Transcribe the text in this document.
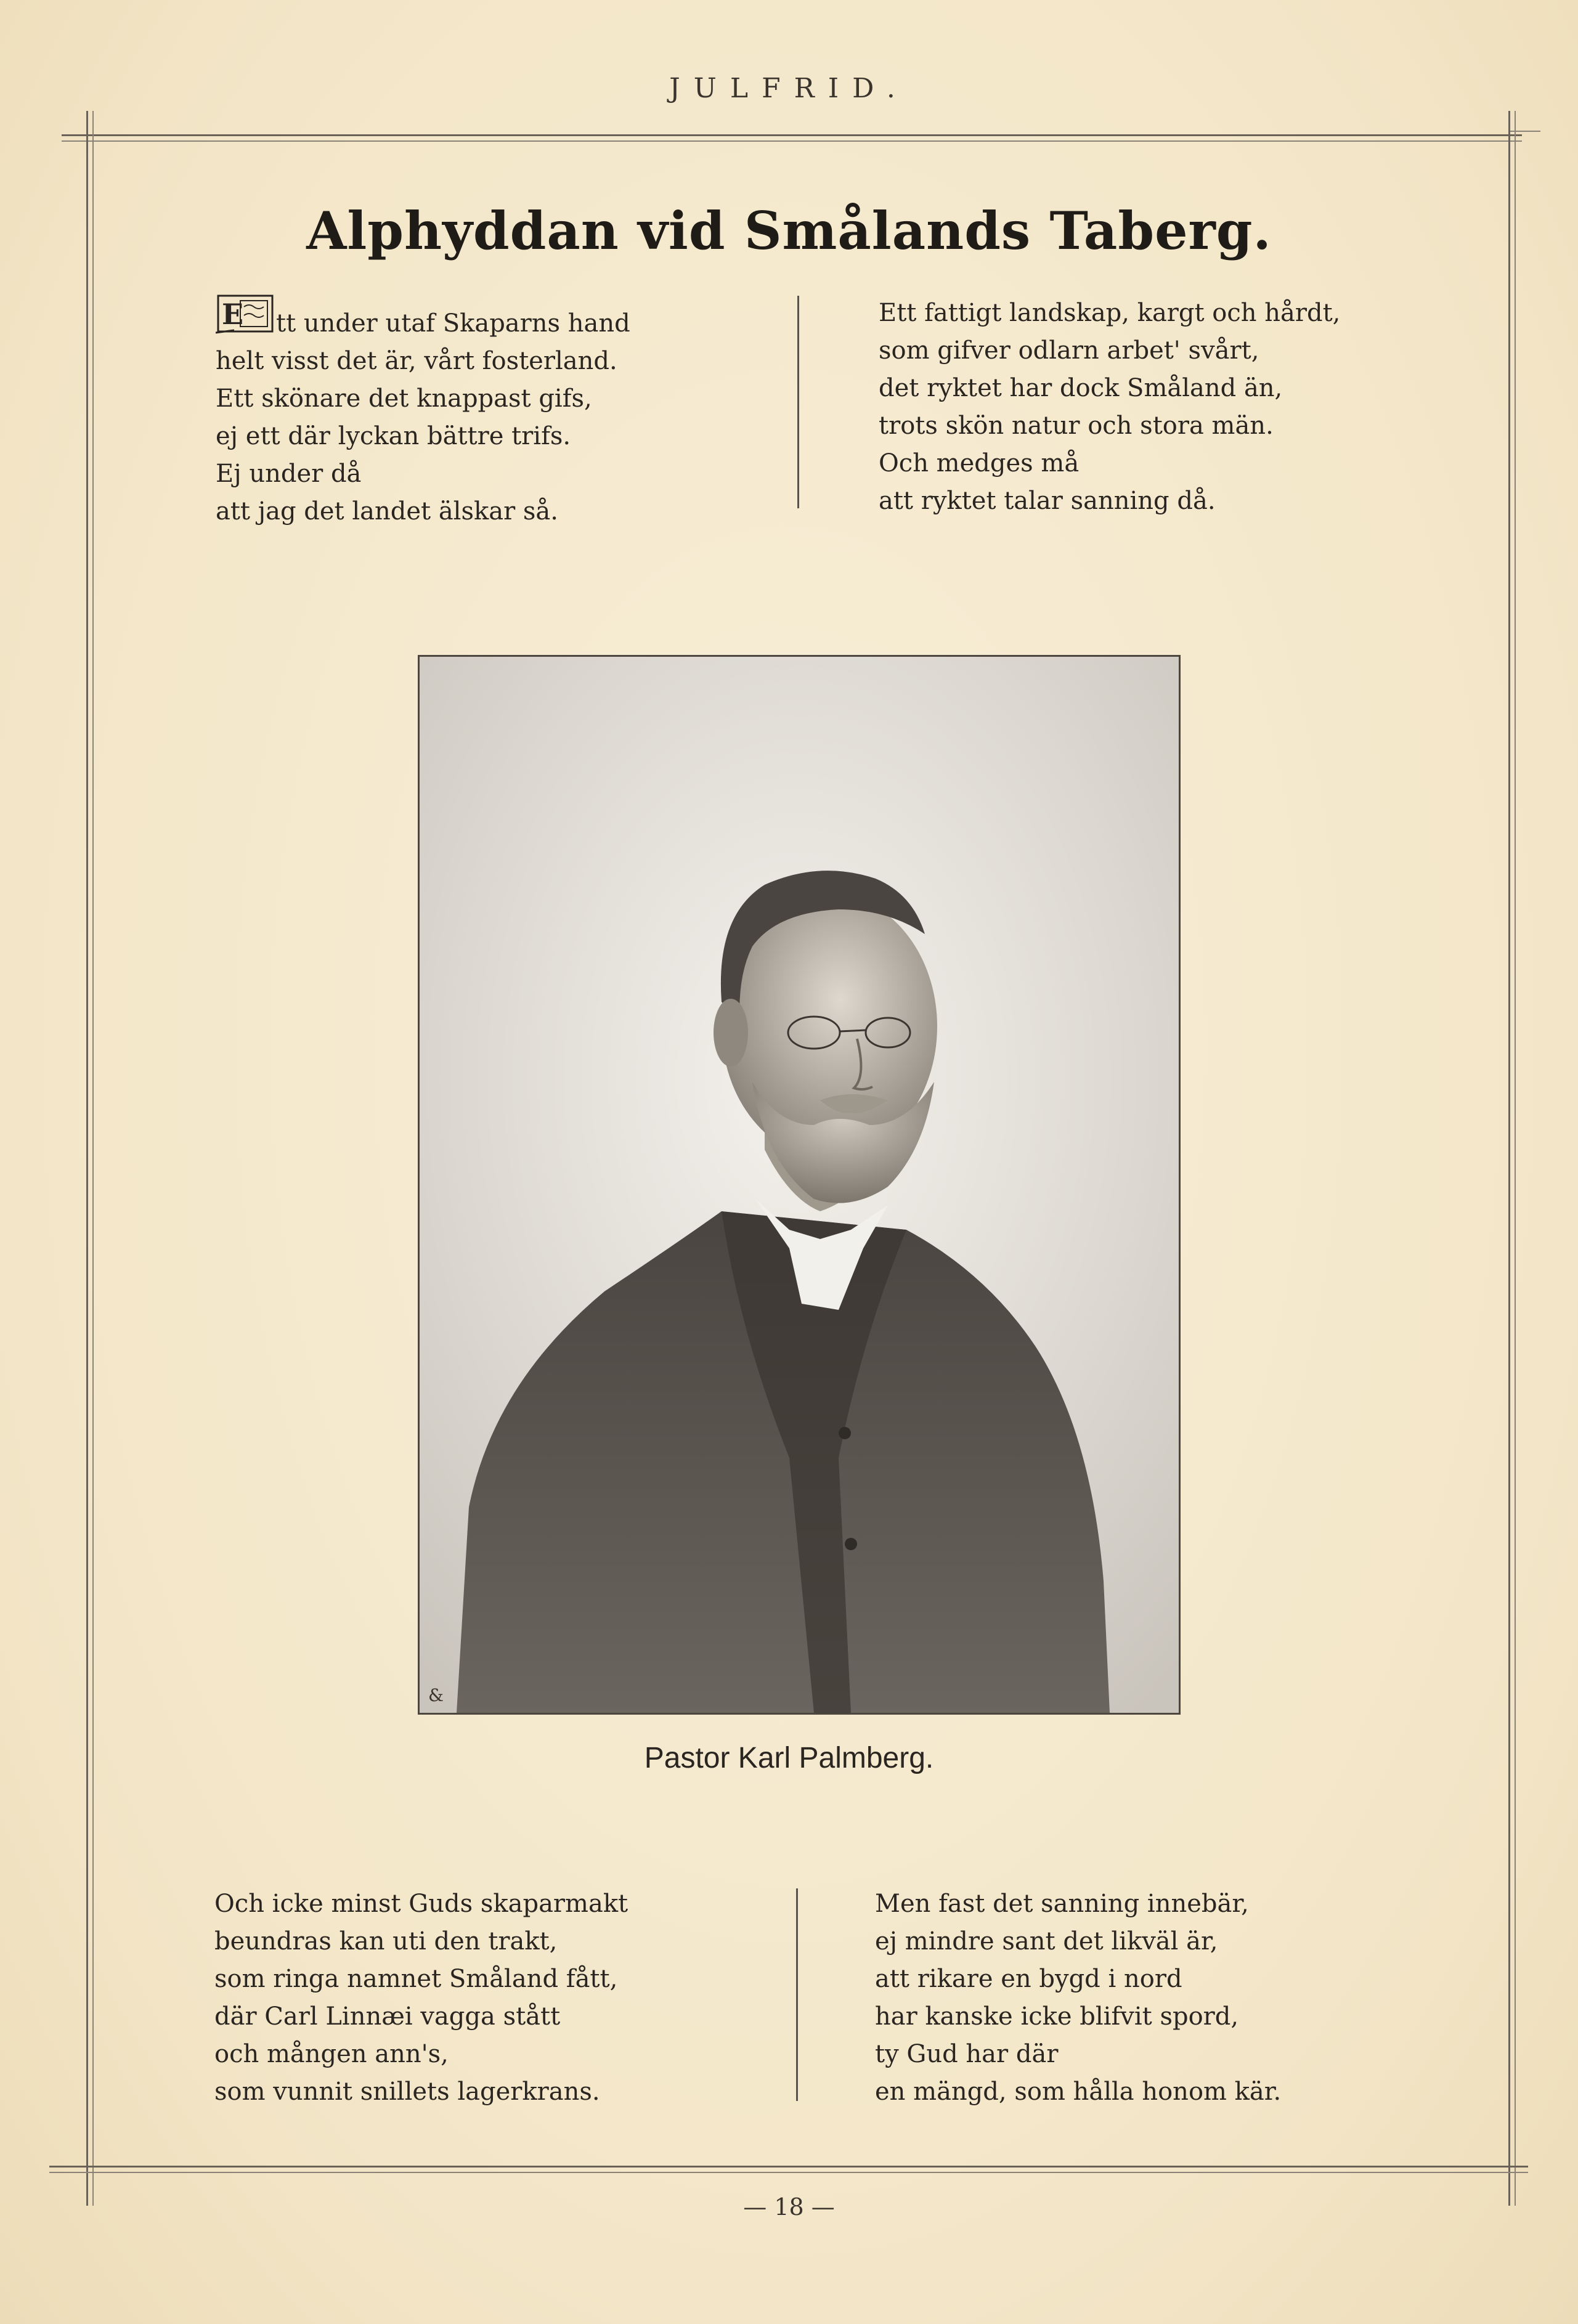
JULFRID.
Alphyddan vid Smålands Taberg.
E tt under utaf Skaparns hand
helt visst det är, vårt fosterland.
Ett skönare det knappast gifs,
ej ett där lyckan bättre trifs.
Ej under då
att jag det landet älskar så.
Ett fattigt landskap, kargt och hårdt,
som gifver odlarn arbet' svårt,
det ryktet har dock Småland än,
trots skön natur och stora män.
Och medges må
att ryktet talar sanning då.
&
Pastor Karl Palmberg.
Och icke minst Guds skaparmakt
beundras kan uti den trakt,
som ringa namnet Småland fått,
där Carl Linnæi vagga stått
och mången ann's,
som vunnit snillets lagerkrans.
Men fast det sanning innebär,
ej mindre sant det likväl är,
att rikare en bygd i nord
har kanske icke blifvit spord,
ty Gud har där
en mängd, som hålla honom kär.
— 18 —
